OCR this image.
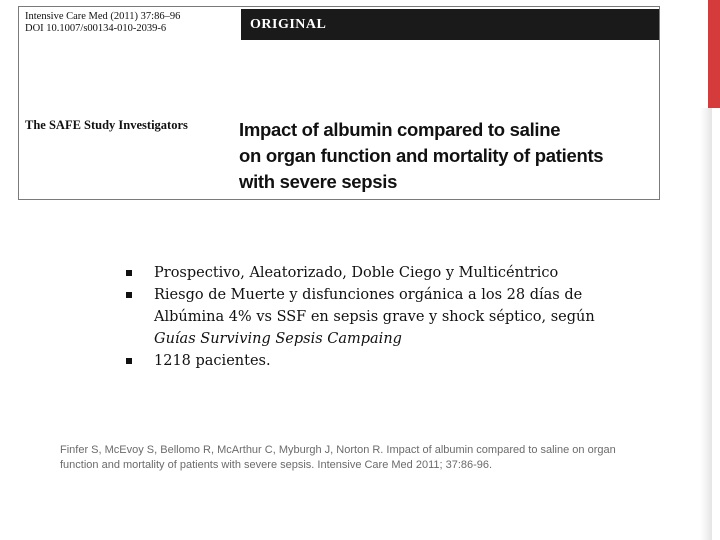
Intensive Care Med (2011) 37:86–96
DOI 10.1007/s00134-010-2039-6	ORIGINAL
The SAFE Study Investigators	Impact of albumin compared to saline
on organ function and mortality of patients
with severe sepsis
Prospectivo, Aleatorizado, Doble Ciego y Multicéntrico
Riesgo de Muerte y disfunciones orgánica a los 28 días de
Albúmina 4% vs SSF en sepsis grave y shock séptico, según
Guías Surviving Sepsis Campaing
1218 pacientes.
Finfer S, McEvoy S, Bellomo R, McArthur C, Myburgh J, Norton R. Impact of albumin compared to saline on organ
function and mortality of patients with severe sepsis. Intensive Care Med 2011; 37:86-96.
